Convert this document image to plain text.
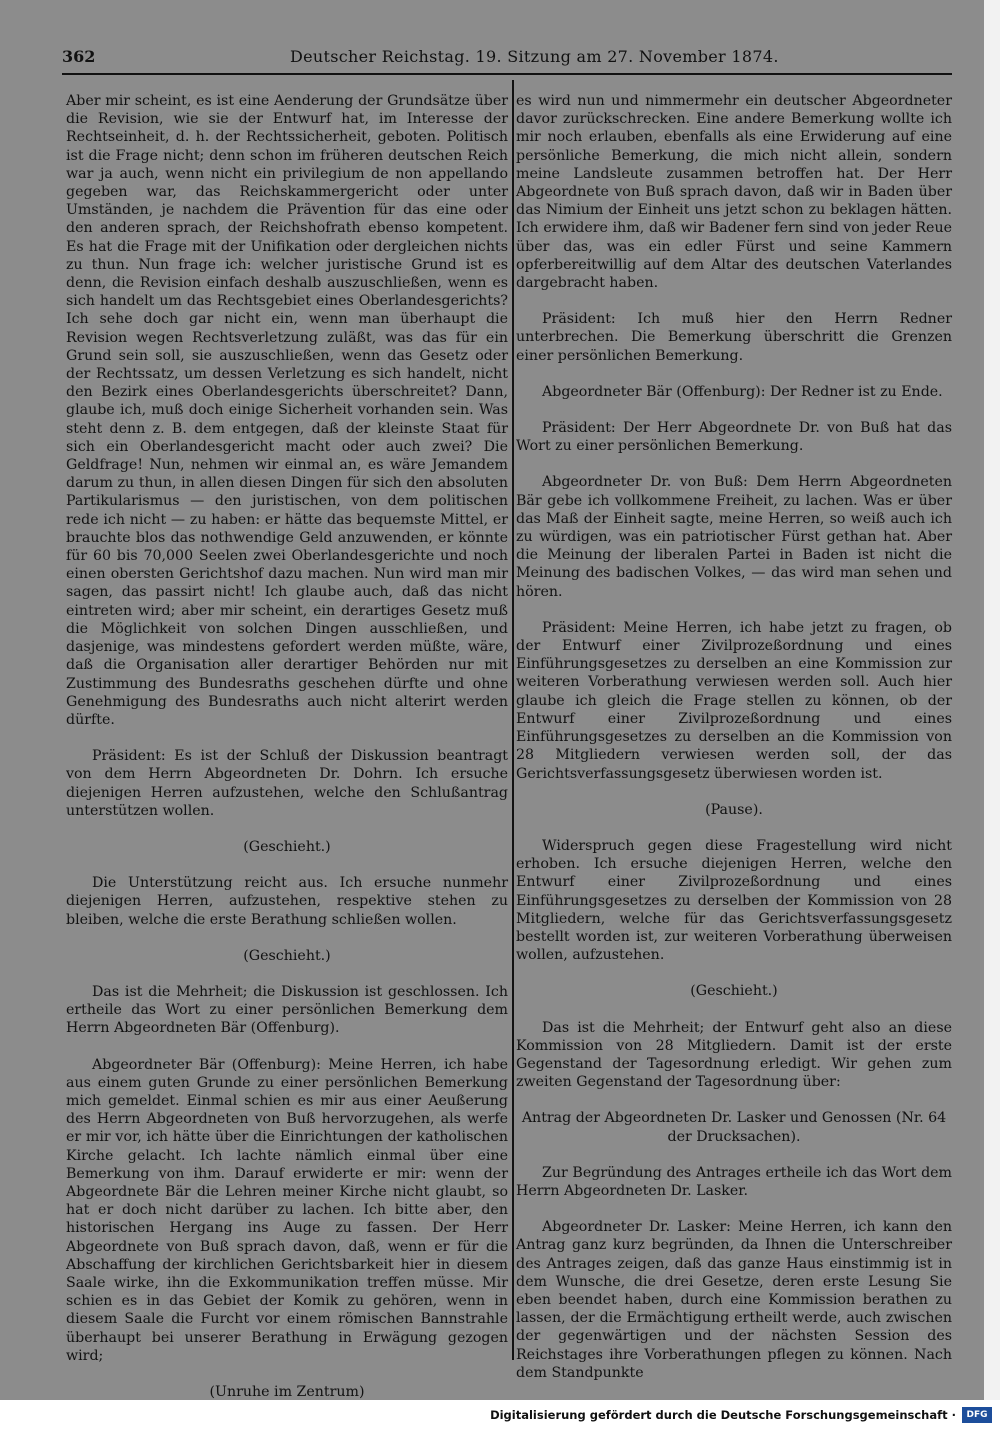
362	Deutscher Reichstag. 19. Sitzung am 27. November 1874.

Aber mir scheint, es ist eine Aenderung der Grundsätze über die Revision, wie sie der Entwurf hat, im Interesse der Rechtseinheit, d. h. der Rechtssicherheit, geboten. Politisch ist die Frage nicht; denn schon im früheren deutschen Reich war ja auch, wenn nicht ein privilegium de non appellando gegeben war, das Reichskammergericht oder unter Umständen, je nachdem die Prävention für das eine oder den anderen sprach, der Reichshofrath ebenso kompetent. Es hat die Frage mit der Unifikation oder dergleichen nichts zu thun. Nun frage ich: welcher juristische Grund ist es denn, die Revision einfach deshalb auszuschließen, wenn es sich handelt um das Rechtsgebiet eines Oberlandesgerichts? Ich sehe doch gar nicht ein, wenn man überhaupt die Revision wegen Rechtsverletzung zuläßt, was das für ein Grund sein soll, sie auszuschließen, wenn das Gesetz oder der Rechtssatz, um dessen Verletzung es sich handelt, nicht den Bezirk eines Oberlandesgerichts überschreitet? Dann, glaube ich, muß doch einige Sicherheit vorhanden sein. Was steht denn z. B. dem entgegen, daß der kleinste Staat für sich ein Oberlandesgericht macht oder auch zwei? Die Geldfrage! Nun, nehmen wir einmal an, es wäre Jemandem darum zu thun, in allen diesen Dingen für sich den absoluten Partikularismus — den juristischen, von dem politischen rede ich nicht — zu haben: er hätte das bequemste Mittel, er brauchte blos das nothwendige Geld anzuwenden, er könnte für 60 bis 70,000 Seelen zwei Oberlandesgerichte und noch einen obersten Gerichtshof dazu machen. Nun wird man mir sagen, das passirt nicht! Ich glaube auch, daß das nicht eintreten wird; aber mir scheint, ein derartiges Gesetz muß die Möglichkeit von solchen Dingen ausschließen, und dasjenige, was mindestens gefordert werden müßte, wäre, daß die Organisation aller derartiger Behörden nur mit Zustimmung des Bundesraths geschehen dürfte und ohne Genehmigung des Bundesraths auch nicht alterirt werden dürfte.

Präsident: Es ist der Schluß der Diskussion beantragt von dem Herrn Abgeordneten Dr. Dohrn. Ich ersuche diejenigen Herren aufzustehen, welche den Schlußantrag unterstützen wollen.

(Geschieht.)

Die Unterstützung reicht aus. Ich ersuche nunmehr diejenigen Herren, aufzustehen, respektive stehen zu bleiben, welche die erste Berathung schließen wollen.

(Geschieht.)

Das ist die Mehrheit; die Diskussion ist geschlossen. Ich ertheile das Wort zu einer persönlichen Bemerkung dem Herrn Abgeordneten Bär (Offenburg).

Abgeordneter Bär (Offenburg): Meine Herren, ich habe aus einem guten Grunde zu einer persönlichen Bemerkung mich gemeldet. Einmal schien es mir aus einer Aeußerung des Herrn Abgeordneten von Buß hervorzugehen, als werfe er mir vor, ich hätte über die Einrichtungen der katholischen Kirche gelacht. Ich lachte nämlich einmal über eine Bemerkung von ihm. Darauf erwiderte er mir: wenn der Abgeordnete Bär die Lehren meiner Kirche nicht glaubt, so hat er doch nicht darüber zu lachen. Ich bitte aber, den historischen Hergang ins Auge zu fassen. Der Herr Abgeordnete von Buß sprach davon, daß, wenn er für die Abschaffung der kirchlichen Gerichtsbarkeit hier in diesem Saale wirke, ihn die Exkommunikation treffen müsse. Mir schien es in das Gebiet der Komik zu gehören, wenn in diesem Saale die Furcht vor einem römischen Bannstrahle überhaupt bei unserer Berathung in Erwägung gezogen wird;

(Unruhe im Zentrum)

es wird nun und nimmermehr ein deutscher Abgeordneter davor zurückschrecken. Eine andere Bemerkung wollte ich mir noch erlauben, ebenfalls als eine Erwiderung auf eine persönliche Bemerkung, die mich nicht allein, sondern meine Landsleute zusammen betroffen hat. Der Herr Abgeordnete von Buß sprach davon, daß wir in Baden über das Nimium der Einheit uns jetzt schon zu beklagen hätten. Ich erwidere ihm, daß wir Badener fern sind von jeder Reue über das, was ein edler Fürst und seine Kammern opferbereitwillig auf dem Altar des deutschen Vaterlandes dargebracht haben.

Präsident: Ich muß hier den Herrn Redner unterbrechen. Die Bemerkung überschritt die Grenzen einer persönlichen Bemerkung.

Abgeordneter Bär (Offenburg): Der Redner ist zu Ende.

Präsident: Der Herr Abgeordnete Dr. von Buß hat das Wort zu einer persönlichen Bemerkung.

Abgeordneter Dr. von Buß: Dem Herrn Abgeordneten Bär gebe ich vollkommene Freiheit, zu lachen. Was er über das Maß der Einheit sagte, meine Herren, so weiß auch ich zu würdigen, was ein patriotischer Fürst gethan hat. Aber die Meinung der liberalen Partei in Baden ist nicht die Meinung des badischen Volkes, — das wird man sehen und hören.

Präsident: Meine Herren, ich habe jetzt zu fragen, ob der Entwurf einer Zivilprozeßordnung und eines Einführungsgesetzes zu derselben an eine Kommission zur weiteren Vorberathung verwiesen werden soll. Auch hier glaube ich gleich die Frage stellen zu können, ob der Entwurf einer Zivilprozeßordnung und eines Einführungsgesetzes zu derselben an die Kommission von 28 Mitgliedern verwiesen werden soll, der das Gerichtsverfassungsgesetz überwiesen worden ist.

(Pause).

Widerspruch gegen diese Fragestellung wird nicht erhoben. Ich ersuche diejenigen Herren, welche den Entwurf einer Zivilprozeßordnung und eines Einführungsgesetzes zu derselben der Kommission von 28 Mitgliedern, welche für das Gerichtsverfassungsgesetz bestellt worden ist, zur weiteren Vorberathung überweisen wollen, aufzustehen.

(Geschieht.)

Das ist die Mehrheit; der Entwurf geht also an diese Kommission von 28 Mitgliedern. Damit ist der erste Gegenstand der Tagesordnung erledigt. Wir gehen zum zweiten Gegenstand der Tagesordnung über:

Antrag der Abgeordneten Dr. Lasker und Genossen (Nr. 64 der Drucksachen).

Zur Begründung des Antrages ertheile ich das Wort dem Herrn Abgeordneten Dr. Lasker.

Abgeordneter Dr. Lasker: Meine Herren, ich kann den Antrag ganz kurz begründen, da Ihnen die Unterschreiber des Antrages zeigen, daß das ganze Haus einstimmig ist in dem Wunsche, die drei Gesetze, deren erste Lesung Sie eben beendet haben, durch eine Kommission berathen zu lassen, der die Ermächtigung ertheilt werde, auch zwischen der gegenwärtigen und der nächsten Session des Reichstages ihre Vorberathungen pflegen zu können. Nach dem Standpunkte

Digitalisierung gefördert durch die Deutsche Forschungsgemeinschaft ·	DFG
